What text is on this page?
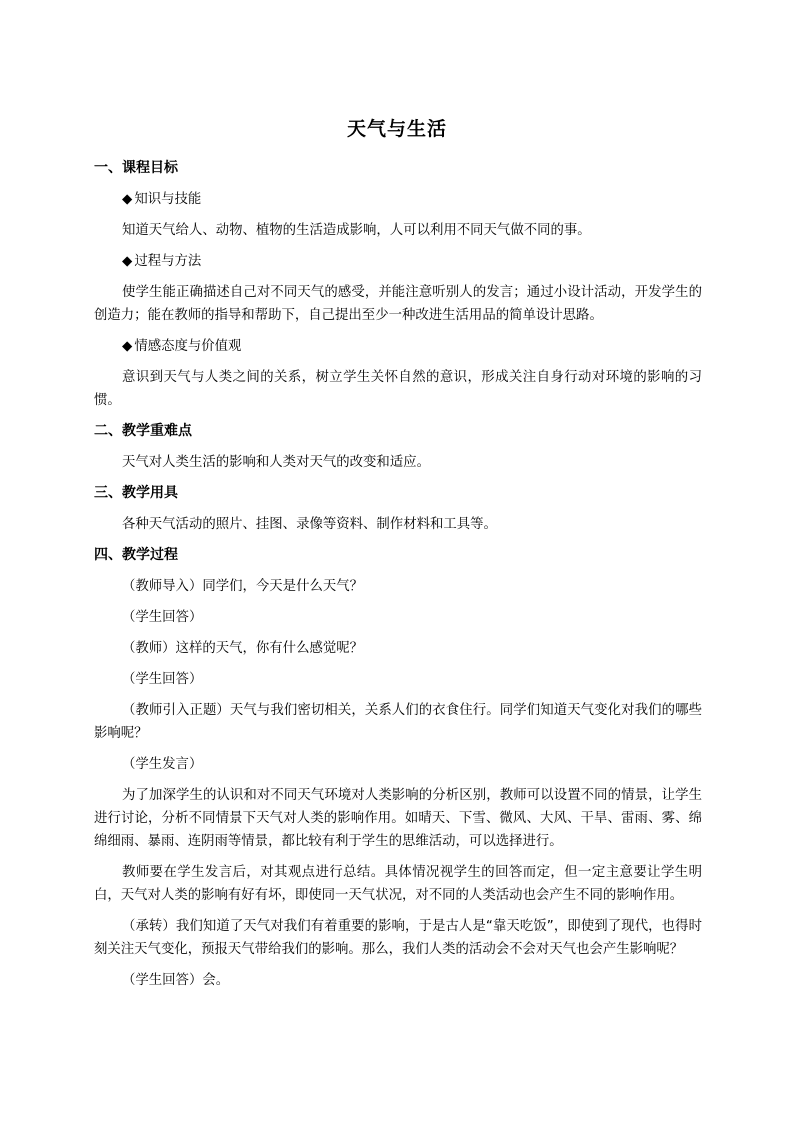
天气与生活
一、课程目标
◆ 知识与技能
知道天气给人、动物、植物的生活造成影响，人可以利用不同天气做不同的事。
◆ 过程与方法
使学生能正确描述自己对不同天气的感受，并能注意听别人的发言；通过小设计活动，开发学生的创造力；能在教师的指导和帮助下，自己提出至少一种改进生活用品的简单设计思路。
◆ 情感态度与价值观
意识到天气与人类之间的关系，树立学生关怀自然的意识，形成关注自身行动对环境的影响的习惯。
二、教学重难点
天气对人类生活的影响和人类对天气的改变和适应。
三、教学用具
各种天气活动的照片、挂图、录像等资料、制作材料和工具等。
四、教学过程
（教师导入）同学们，今天是什么天气？
（学生回答）
（教师）这样的天气，你有什么感觉呢？
（学生回答）
（教师引入正题）天气与我们密切相关，关系人们的衣食住行。同学们知道天气变化对我们的哪些影响呢？
（学生发言）
为了加深学生的认识和对不同天气环境对人类影响的分析区别，教师可以设置不同的情景，让学生进行讨论，分析不同情景下天气对人类的影响作用。如晴天、下雪、微风、大风、干旱、雷雨、雾、绵绵细雨、暴雨、连阴雨等情景，都比较有利于学生的思维活动，可以选择进行。
教师要在学生发言后，对其观点进行总结。具体情况视学生的回答而定，但一定主意要让学生明白，天气对人类的影响有好有坏，即使同一天气状况，对不同的人类活动也会产生不同的影响作用。
（承转）我们知道了天气对我们有着重要的影响，于是古人是“靠天吃饭”，即使到了现代，也得时刻关注天气变化，预报天气带给我们的影响。那么，我们人类的活动会不会对天气也会产生影响呢？
（学生回答）会。
